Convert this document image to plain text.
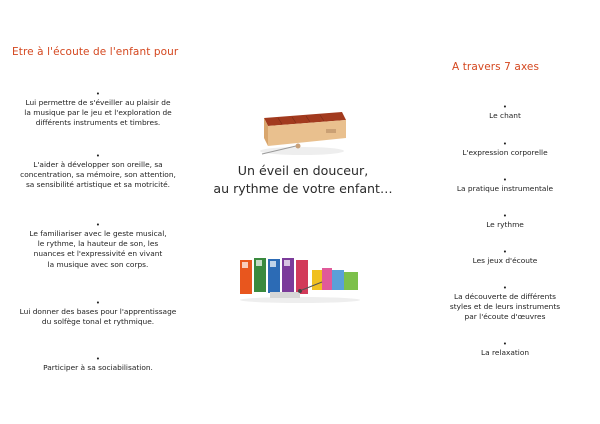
Etre à l'écoute de l'enfant pour
•
Lui permettre de s'éveiller au plaisir de
la musique par le jeu et l'exploration de
différents instruments et timbres.
•
L'aider à développer son oreille, sa
concentration, sa mémoire, son attention,
sa sensibilité artistique et sa motricité.
•
Le familiariser avec le geste musical,
le rythme, la hauteur de son, les
nuances et l'expressivité en vivant
la musique avec son corps.
•
Lui donner des bases pour l'apprentissage
du solfège tonal et rythmique.
•
Participer à sa sociabilisation.
Un éveil en douceur,
au rythme de votre enfant…
A travers 7 axes
•
Le chant
•
L'expression corporelle
•
La pratique instrumentale
•
Le rythme
•
Les jeux d'écoute
•
La découverte de différents
styles et de leurs instruments
par l'écoute d'œuvres
•
La relaxation
